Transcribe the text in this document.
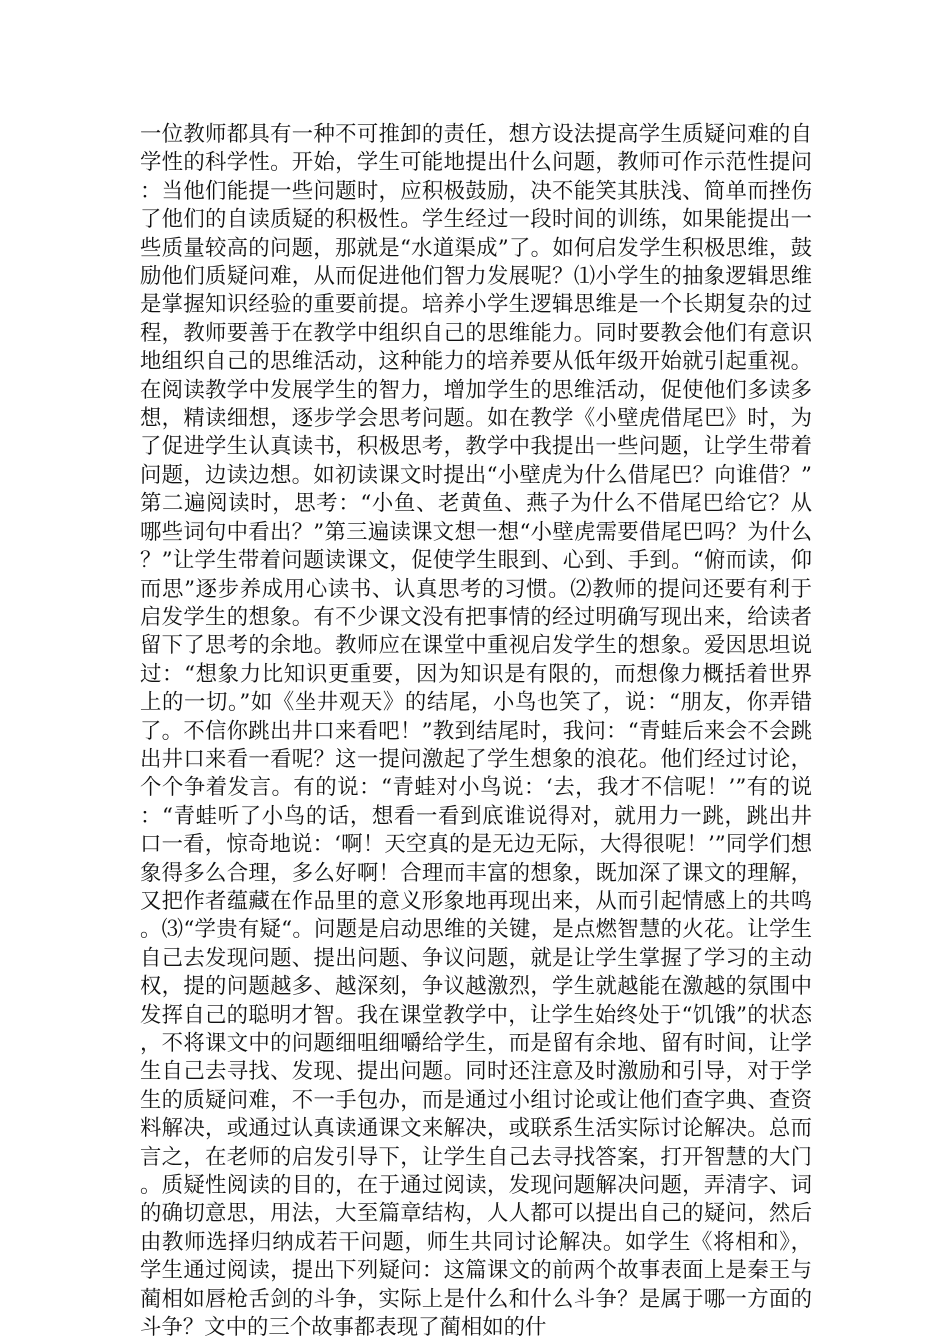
一位教师都具有一种不可推卸的责任，想方设法提高学生质疑问难的自学性的科学性。开始，学生可能地提出什么问题，教师可作示范性提问：当他们能提一些问题时，应积极鼓励，决不能笑其肤浅、简单而挫伤了他们的自读质疑的积极性。学生经过一段时间的训练，如果能提出一些质量较高的问题，那就是“水道渠成”了。如何启发学生积极思维，鼓励他们质疑问难，从而促进他们智力发展呢？⑴小学生的抽象逻辑思维是掌握知识经验的重要前提。培养小学生逻辑思维是一个长期复杂的过程，教师要善于在教学中组织自己的思维能力。同时要教会他们有意识地组织自己的思维活动，这种能力的培养要从低年级开始就引起重视。在阅读教学中发展学生的智力，增加学生的思维活动，促使他们多读多想，精读细想，逐步学会思考问题。如在教学《小壁虎借尾巴》时，为了促进学生认真读书，积极思考，教学中我提出一些问题，让学生带着问题，边读边想。如初读课文时提出“小壁虎为什么借尾巴？向谁借？”第二遍阅读时，思考：“小鱼、老黄鱼、燕子为什么不借尾巴给它？从哪些词句中看出？”第三遍读课文想一想“小壁虎需要借尾巴吗？为什么？”让学生带着问题读课文，促使学生眼到、心到、手到。“俯而读，仰而思”逐步养成用心读书、认真思考的习惯。⑵教师的提问还要有利于启发学生的想象。有不少课文没有把事情的经过明确写现出来，给读者留下了思考的余地。教师应在课堂中重视启发学生的想象。爱因思坦说过：“想象力比知识更重要，因为知识是有限的，而想像力概括着世界上的一切。”如《坐井观天》的结尾，小鸟也笑了，说：“朋友，你弄错了。不信你跳出井口来看吧！”教到结尾时，我问：“青蛙后来会不会跳出井口来看一看呢？这一提问激起了学生想象的浪花。他们经过讨论，个个争着发言。有的说：“青蛙对小鸟说：‘去，我才不信呢！’”有的说：“青蛙听了小鸟的话，想看一看到底谁说得对，就用力一跳，跳出井口一看，惊奇地说：‘啊！天空真的是无边无际，大得很呢！’”同学们想象得多么合理，多么好啊！合理而丰富的想象，既加深了课文的理解，又把作者蕴藏在作品里的意义形象地再现出来，从而引起情感上的共鸣。⑶“学贵有疑“。问题是启动思维的关键，是点燃智慧的火花。让学生自己去发现问题、提出问题、争议问题，就是让学生掌握了学习的主动权，提的问题越多、越深刻，争议越激烈，学生就越能在激越的氛围中发挥自己的聪明才智。我在课堂教学中，让学生始终处于“饥饿”的状态，不将课文中的问题细咀细嚼给学生，而是留有余地、留有时间，让学生自己去寻找、发现、提出问题。同时还注意及时激励和引导，对于学生的质疑问难，不一手包办，而是通过小组讨论或让他们查字典、查资料解决，或通过认真读通课文来解决，或联系生活实际讨论解决。总而言之，在老师的启发引导下，让学生自己去寻找答案，打开智慧的大门。质疑性阅读的目的，在于通过阅读，发现问题解决问题，弄清字、词的确切意思，用法，大至篇章结构，人人都可以提出自己的疑问，然后由教师选择归纳成若干问题，师生共同讨论解决。如学生《将相和》，学生通过阅读，提出下列疑问：这篇课文的前两个故事表面上是秦王与蔺相如唇枪舌剑的斗争，实际上是什么和什么斗争？是属于哪一方面的斗争？文中的三个故事都表现了蔺相如的什
